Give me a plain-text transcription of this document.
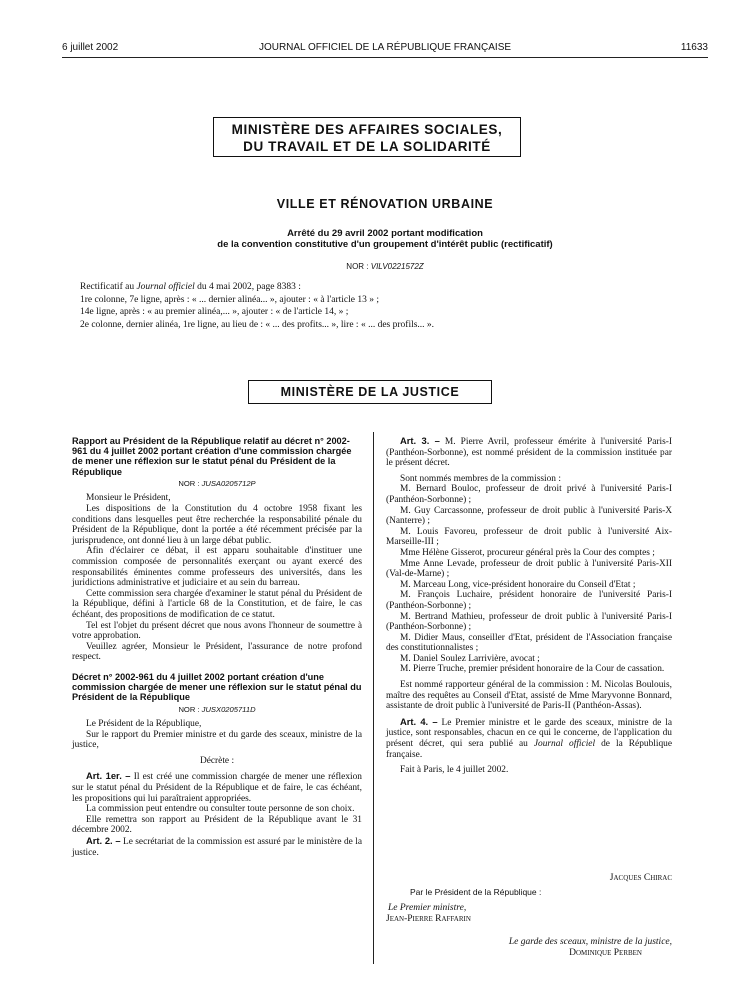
6 juillet 2002	JOURNAL OFFICIEL DE LA RÉPUBLIQUE FRANÇAISE	11633
MINISTÈRE DES AFFAIRES SOCIALES,
DU TRAVAIL ET DE LA SOLIDARITÉ
VILLE ET RÉNOVATION URBAINE
Arrêté du 29 avril 2002 portant modification
de la convention constitutive d'un groupement d'intérêt public (rectificatif)
NOR : VILV0221572Z

Rectificatif au Journal officiel du 4 mai 2002, page 8383 :

1re colonne, 7e ligne, après : « ... dernier alinéa... », ajouter : « à l'article 13 » ;

14e ligne, après : « au premier alinéa,... », ajouter : « de l'article 14, » ;

2e colonne, dernier alinéa, 1re ligne, au lieu de : « ... des profits... », lire : « ... des profils... ».

MINISTÈRE DE LA JUSTICE

Rapport au Président de la République relatif au décret n° 2002-961 du 4 juillet 2002 portant création d'une commission chargée de mener une réflexion sur le statut pénal du Président de la République

NOR : JUSA0205712P

Monsieur le Président,

Les dispositions de la Constitution du 4 octobre 1958 fixant les conditions dans lesquelles peut être recherchée la responsabilité pénale du Président de la République, dont la portée a été récemment précisée par la jurisprudence, ont donné lieu à un large débat public.

Afin d'éclairer ce débat, il est apparu souhaitable d'instituer une commission composée de personnalités exerçant ou ayant exercé des responsabilités éminentes comme professeurs des universités, dans les juridictions administrative et judiciaire et au sein du barreau.

Cette commission sera chargée d'examiner le statut pénal du Président de la République, défini à l'article 68 de la Constitution, et de faire, le cas échéant, des propositions de modification de ce statut.

Tel est l'objet du présent décret que nous avons l'honneur de soumettre à votre approbation.

Veuillez agréer, Monsieur le Président, l'assurance de notre profond respect.

Décret n° 2002-961 du 4 juillet 2002 portant création d'une commission chargée de mener une réflexion sur le statut pénal du Président de la République

NOR : JUSX0205711D

Le Président de la République,

Sur le rapport du Premier ministre et du garde des sceaux, ministre de la justice,

Décrète :

Art. 1er. – Il est créé une commission chargée de mener une réflexion sur le statut pénal du Président de la République et de faire, le cas échéant, les propositions qui lui paraîtraient appropriées.

La commission peut entendre ou consulter toute personne de son choix.

Elle remettra son rapport au Président de la République avant le 31 décembre 2002.

Art. 2. – Le secrétariat de la commission est assuré par le ministère de la justice.

Art. 3. – M. Pierre Avril, professeur émérite à l'université Paris-I (Panthéon-Sorbonne), est nommé président de la commission instituée par le présent décret.

Sont nommés membres de la commission :

M. Bernard Bouloc, professeur de droit privé à l'université Paris-I (Panthéon-Sorbonne) ;

M. Guy Carcassonne, professeur de droit public à l'université Paris-X (Nanterre) ;

M. Louis Favoreu, professeur de droit public à l'université Aix-Marseille-III ;

Mme Hélène Gisserot, procureur général près la Cour des comptes ;

Mme Anne Levade, professeur de droit public à l'université Paris-XII (Val-de-Marne) ;

M. Marceau Long, vice-président honoraire du Conseil d'Etat ;

M. François Luchaire, président honoraire de l'université Paris-I (Panthéon-Sorbonne) ;

M. Bertrand Mathieu, professeur de droit public à l'université Paris-I (Panthéon-Sorbonne) ;

M. Didier Maus, conseiller d'Etat, président de l'Association française des constitutionnalistes ;

M. Daniel Soulez Larrivière, avocat ;

M. Pierre Truche, premier président honoraire de la Cour de cassation.

Est nommé rapporteur général de la commission : M. Nicolas Boulouis, maître des requêtes au Conseil d'Etat, assisté de Mme Maryvonne Bonnard, assistante de droit public à l'université de Paris-II (Panthéon-Assas).

Art. 4. – Le Premier ministre et le garde des sceaux, ministre de la justice, sont responsables, chacun en ce qui le concerne, de l'application du présent décret, qui sera publié au Journal officiel de la République française.

Fait à Paris, le 4 juillet 2002.

Jacques Chirac
Par le Président de la République :
Le Premier ministre,
Jean-Pierre Raffarin
Le garde des sceaux, ministre de la justice,
Dominique Perben
